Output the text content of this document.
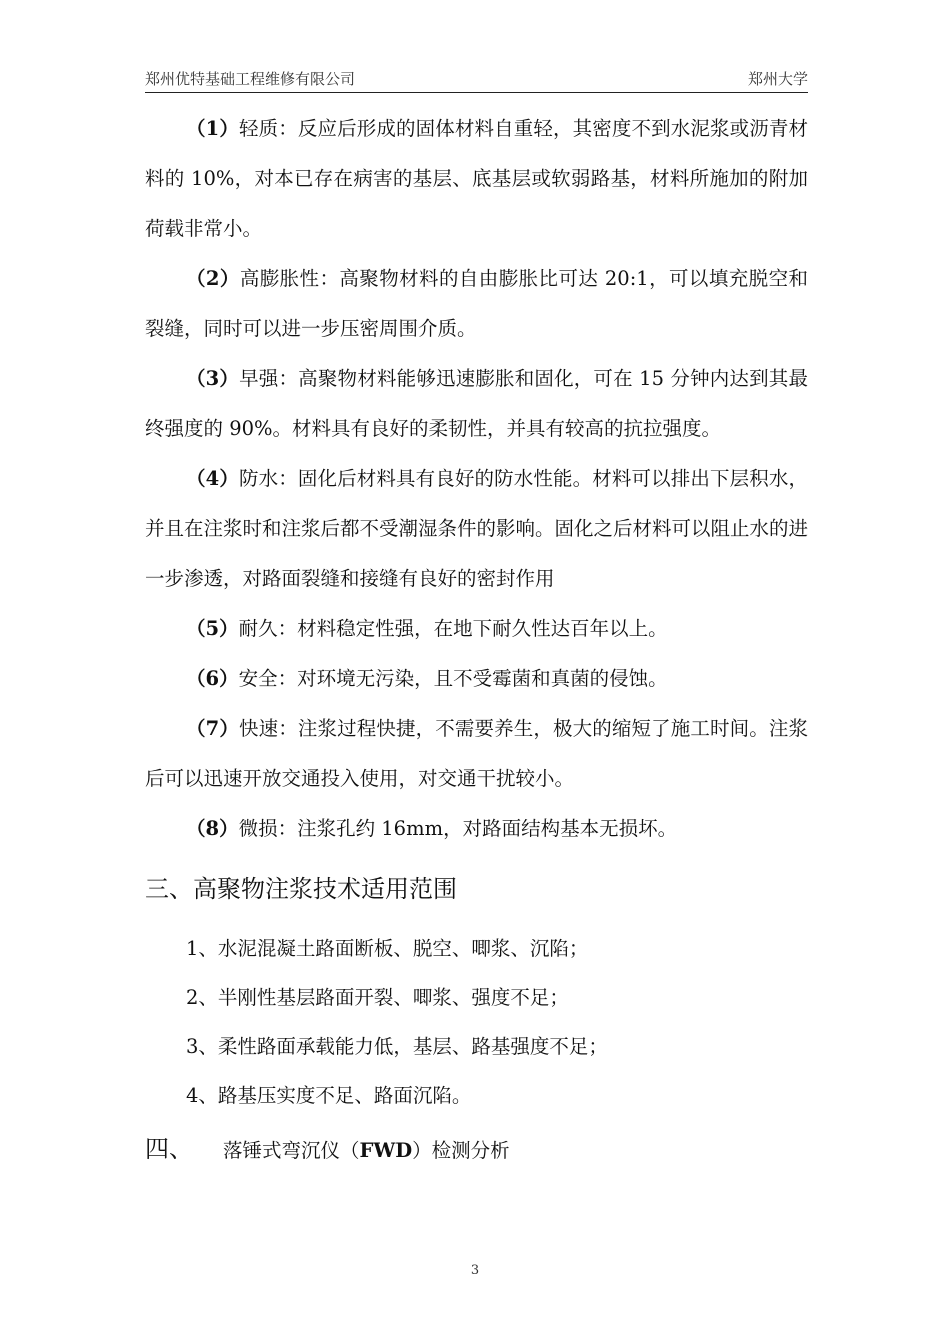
郑州优特基础工程维修有限公司	郑州大学

（1）轻质：反应后形成的固体材料自重轻，其密度不到水泥浆或沥青材料的 10%，对本已存在病害的基层、底基层或软弱路基，材料所施加的附加荷载非常小。

（2）高膨胀性：高聚物材料的自由膨胀比可达 20:1，可以填充脱空和裂缝，同时可以进一步压密周围介质。

（3）早强：高聚物材料能够迅速膨胀和固化，可在 15 分钟内达到其最终强度的 90%。材料具有良好的柔韧性，并具有较高的抗拉强度。

（4）防水：固化后材料具有良好的防水性能。材料可以排出下层积水，并且在注浆时和注浆后都不受潮湿条件的影响。固化之后材料可以阻止水的进一步渗透，对路面裂缝和接缝有良好的密封作用

（5）耐久：材料稳定性强，在地下耐久性达百年以上。

（6）安全：对环境无污染，且不受霉菌和真菌的侵蚀。

（7）快速：注浆过程快捷，不需要养生，极大的缩短了施工时间。注浆后可以迅速开放交通投入使用，对交通干扰较小。

（8）微损：注浆孔约 16mm，对路面结构基本无损坏。

三、高聚物注浆技术适用范围

1、水泥混凝土路面断板、脱空、唧浆、沉陷；

2、半刚性基层路面开裂、唧浆、强度不足；

3、柔性路面承载能力低，基层、路基强度不足；

4、路基压实度不足、路面沉陷。

四、 落锤式弯沉仪（FWD）检测分析
3
